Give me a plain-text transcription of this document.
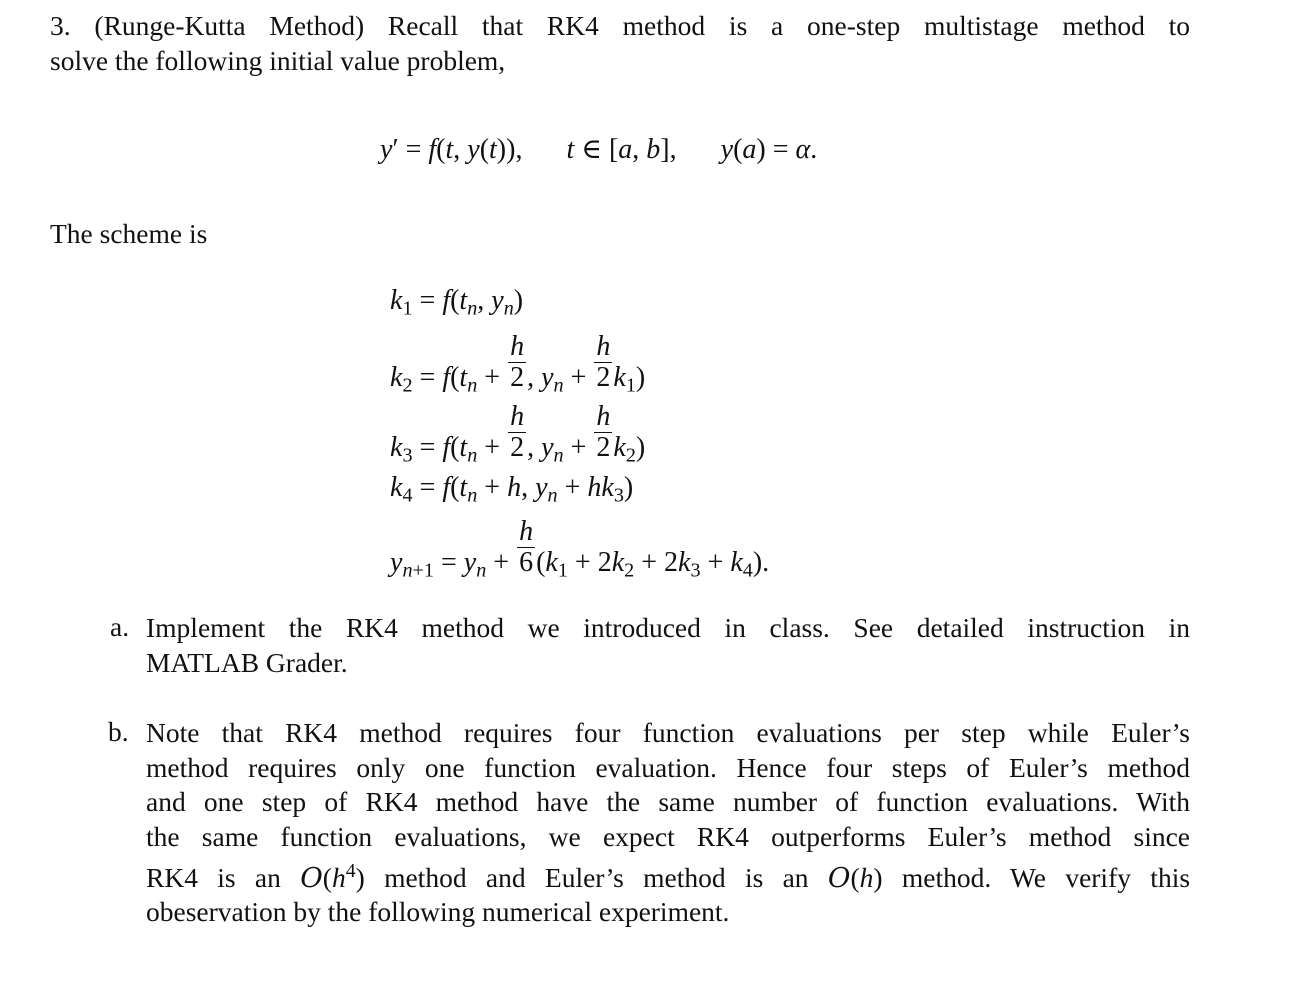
3. (Runge-Kutta Method) Recall that RK4 method is a one-step multistage method to
solve the following initial value problem,
y′ = f(t, y(t)), t ∈ [a, b], y(a) = α.
The scheme is
$k_1 = f(t_n$, $y_n$)
$k_2 = f(t_n + \frac{h}{2}$ , $y_n + \frac{h}{2} k_1$)
$k_3 = f(t_n + \frac{h}{2}$ , $y_n + \frac{h}{2} k_2$)
$k_4 = f(t_n + h$, $y_n + hk_3$)
$y_{n+1} = y_n + \frac{h}{6} (k_1 + 2k_2 + 2k_3 + k_4)$.
a. Implement the RK4 method we introduced in class. See detailed instruction in
MATLAB Grader.
b. Note that RK4 method requires four function evaluations per step while Euler’s
method requires only one function evaluation. Hence four steps of Euler’s method
and one step of RK4 method have the same number of function evaluations. With
the same function evaluations, we expect RK4 outperforms Euler’s method since
RK4 is an $O(h^4)$ method and Euler’s method is an O(h) method. We verify this
obeservation by the following numerical experiment.
